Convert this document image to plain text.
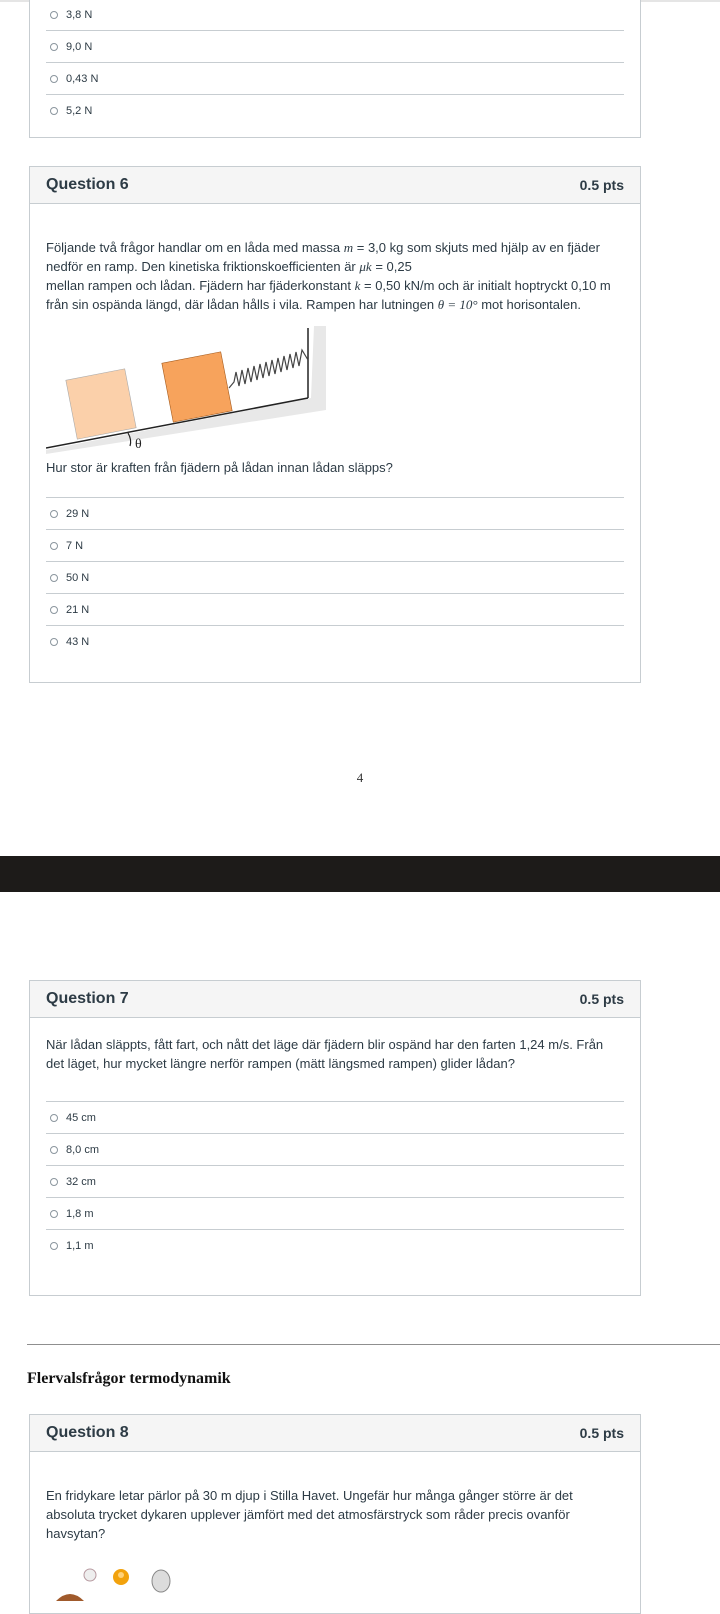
3,8 N
9,0 N
0,43 N
5,2 N
Question 6	0.5 pts
Följande två frågor handlar om en låda med massa m = 3,0 kg som skjuts med hjälp av en fjäder nedför en ramp. Den kinetiska friktionskoefficienten är μk = 0,25
mellan rampen och lådan. Fjädern har fjäderkonstant k = 0,50 kN/m och är initialt hoptryckt 0,10 m från sin ospända längd, där lådan hålls i vila. Rampen har lutningen θ = 10° mot horisontalen.
θ
Hur stor är kraften från fjädern på lådan innan lådan släpps?
29 N
7 N
50 N
21 N
43 N
4
Question 7	0.5 pts
När lådan släppts, fått fart, och nått det läge där fjädern blir ospänd har den farten 1,24 m/s. Från det läget, hur mycket längre nerför rampen (mätt längsmed rampen) glider lådan?
45 cm
8,0 cm
32 cm
1,8 m
1,1 m
Flervalsfrågor termodynamik
Question 8	0.5 pts
En fridykare letar pärlor på 30 m djup i Stilla Havet. Ungefär hur många gånger större är det absoluta trycket dykaren upplever jämfört med det atmosfärstryck som råder precis ovanför havsytan?
